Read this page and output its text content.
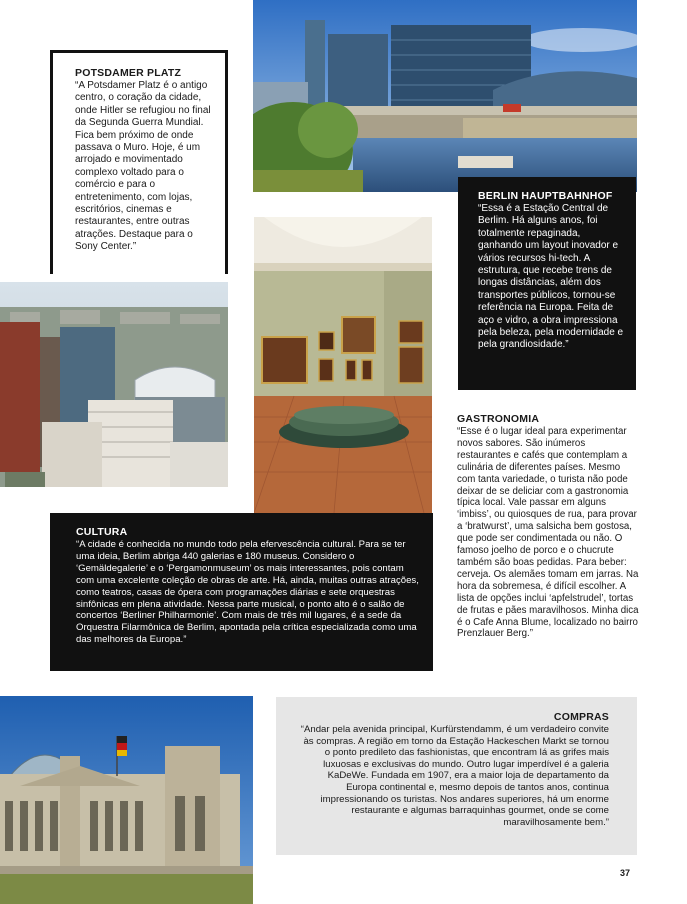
POTSDAMER PLATZ

“A Potsdamer Platz é o antigo centro, o coração da cidade, onde Hitler se refugiou no final da Segunda Guerra Mundial. Fica bem próximo de onde passava o Muro. Hoje, é um arrojado e movimentado complexo voltado para o comércio e para o entretenimento, com lojas, escritórios, cinemas e restaurantes, entre outras atrações. Destaque para o Sony Center.”

BERLIN HAUPTBAHNHOF

“Essa é a Estação Central de Berlim. Há alguns anos, foi totalmente repaginada, ganhando um layout inovador e vários recursos hi-tech. A estrutura, que recebe trens de longas distâncias, além dos transportes públicos, tornou-se referência na Europa. Feita de aço e vidro, a obra impressiona pela beleza, pela modernidade e pela grandiosidade.”

GASTRONOMIA

“Esse é o lugar ideal para experimentar novos sabores. São inúmeros restaurantes e cafés que contemplam a culinária de diferentes países. Mesmo com tanta variedade, o turista não pode deixar de se deliciar com a gastronomia típica local. Vale passar em alguns ‘imbiss’, ou quiosques de rua, para provar a ‘bratwurst’, uma salsicha bem gostosa, que pode ser condimentada ou não. O famoso joelho de porco e o chucrute também são boas pedidas. Para beber: cerveja. Os alemães tomam em jarras. Na hora da sobremesa, é difícil escolher. A lista de opções inclui ‘apfelstrudel’, tortas de frutas e pães maravilhosos. Minha dica é o Cafe Anna Blume, localizado no bairro Prenzlauer Berg.”

CULTURA

“A cidade é conhecida no mundo todo pela efervescência cultural. Para se ter uma ideia, Berlim abriga 440 galerias e 180 museus. Considero o ‘Gemäldegalerie’ e o ‘Pergamonmuseum’ os mais interessantes, pois contam com uma excelente coleção de obras de arte. Há, ainda, muitas outras atrações, como teatros, casas de ópera com programações diárias e sete orquestras sinfônicas em plena atividade. Nessa parte musical, o ponto alto é o salão de concertos ‘Berliner Philharmonie’. Com mais de três mil lugares, é a sede da Orquestra Filarmônica de Berlim, apontada pela crítica especializada como uma das melhores da Europa.”

COMPRAS

“Andar pela avenida principal, Kurfürstendamm, é um verdadeiro convite às compras. A região em torno da Estação Hackeschen Markt se tornou o ponto predileto das fashionistas, que encontram lá as grifes mais luxuosas e exclusivas do mundo. Outro lugar imperdível é a galeria KaDeWe. Fundada em 1907, era a maior loja de departamento da Europa continental e, mesmo depois de tantos anos, continua impressionando os turistas. Nos andares superiores, há um enorme restaurante e algumas barraquinhas gourmet, onde se come maravilhosamente bem.”

37
